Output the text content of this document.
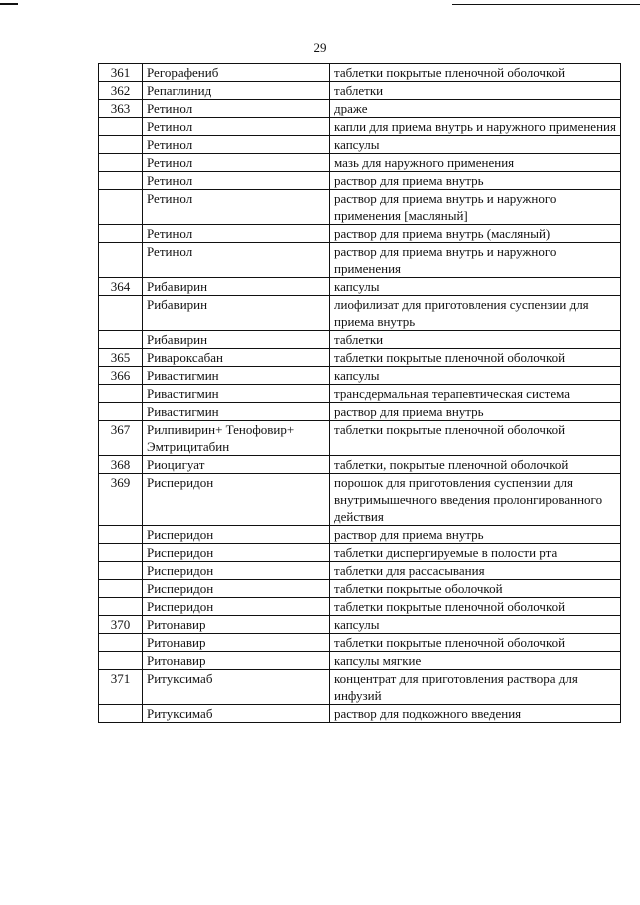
29
361	Регорафениб	таблетки покрытые пленочной оболочкой
362	Репаглинид	таблетки
363	Ретинол	драже
	Ретинол	капли для приема внутрь и наружного применения
	Ретинол	капсулы
	Ретинол	мазь для наружного применения
	Ретинол	раствор для приема внутрь
	Ретинол	раствор для приема внутрь и наружного применения [масляный]
	Ретинол	раствор для приема внутрь (масляный)
	Ретинол	раствор для приема внутрь и наружного применения
364	Рибавирин	капсулы
	Рибавирин	лиофилизат для приготовления суспензии для приема внутрь
	Рибавирин	таблетки
365	Ривароксабан	таблетки покрытые пленочной оболочкой
366	Ривастигмин	капсулы
	Ривастигмин	трансдермальная терапевтическая система
	Ривастигмин	раствор для приема внутрь
367	Рилпивирин+ Тенофовир+ Эмтрицитабин	таблетки покрытые пленочной оболочкой
368	Риоцигуат	таблетки, покрытые пленочной оболочкой
369	Рисперидон	порошок для приготовления суспензии для внутримышечного введения пролонгированного действия
	Рисперидон	раствор для приема внутрь
	Рисперидон	таблетки диспергируемые в полости рта
	Рисперидон	таблетки для рассасывания
	Рисперидон	таблетки покрытые оболочкой
	Рисперидон	таблетки покрытые пленочной оболочкой
370	Ритонавир	капсулы
	Ритонавир	таблетки покрытые пленочной оболочкой
	Ритонавир	капсулы мягкие
371	Ритуксимаб	концентрат для приготовления раствора для инфузий
	Ритуксимаб	раствор для подкожного введения
